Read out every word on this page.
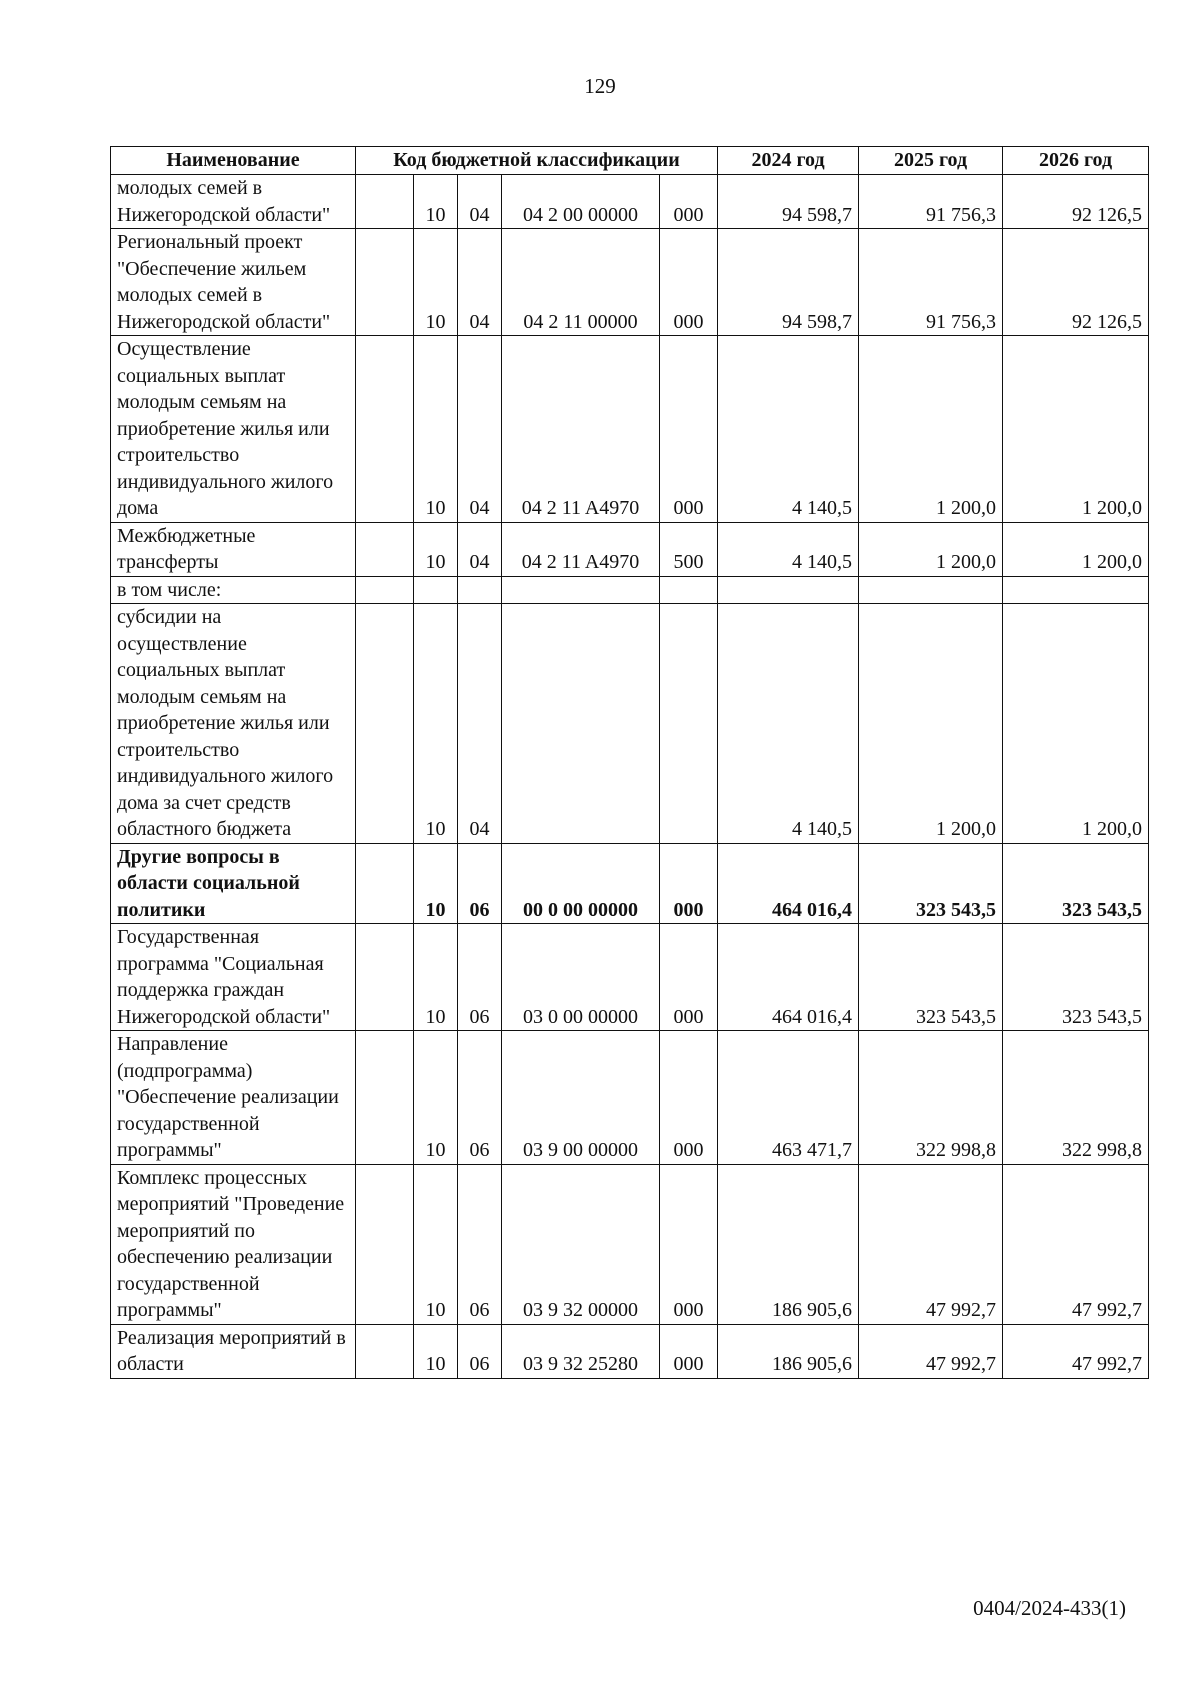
129
Наименование	Код бюджетной классификации					2024 год	2025 год	2026 год
молодых семей в Нижегородской области"		10	04	04 2 00 00000	000	94 598,7	91 756,3	92 126,5
Региональный проект "Обеспечение жильем молодых семей в Нижегородской области"		10	04	04 2 11 00000	000	94 598,7	91 756,3	92 126,5
Осуществление социальных выплат молодым семьям на приобретение жилья или строительство индивидуального жилого дома		10	04	04 2 11 A4970	000	4 140,5	1 200,0	1 200,0
Межбюджетные трансферты		10	04	04 2 11 A4970	500	4 140,5	1 200,0	1 200,0
в том числе:								
субсидии на осуществление социальных выплат молодым семьям на приобретение жилья или строительство индивидуального жилого дома за счет средств областного бюджета		10	04			4 140,5	1 200,0	1 200,0
Другие вопросы в области социальной политики		10	06	00 0 00 00000	000	464 016,4	323 543,5	323 543,5
Государственная программа "Социальная поддержка граждан Нижегородской области"		10	06	03 0 00 00000	000	464 016,4	323 543,5	323 543,5
Направление (подпрограмма) "Обеспечение реализации государственной программы"		10	06	03 9 00 00000	000	463 471,7	322 998,8	322 998,8
Комплекс процессных мероприятий "Проведение мероприятий по обеспечению реализации государственной программы"		10	06	03 9 32 00000	000	186 905,6	47 992,7	47 992,7
Реализация мероприятий в области		10	06	03 9 32 25280	000	186 905,6	47 992,7	47 992,7
0404/2024-433(1)
